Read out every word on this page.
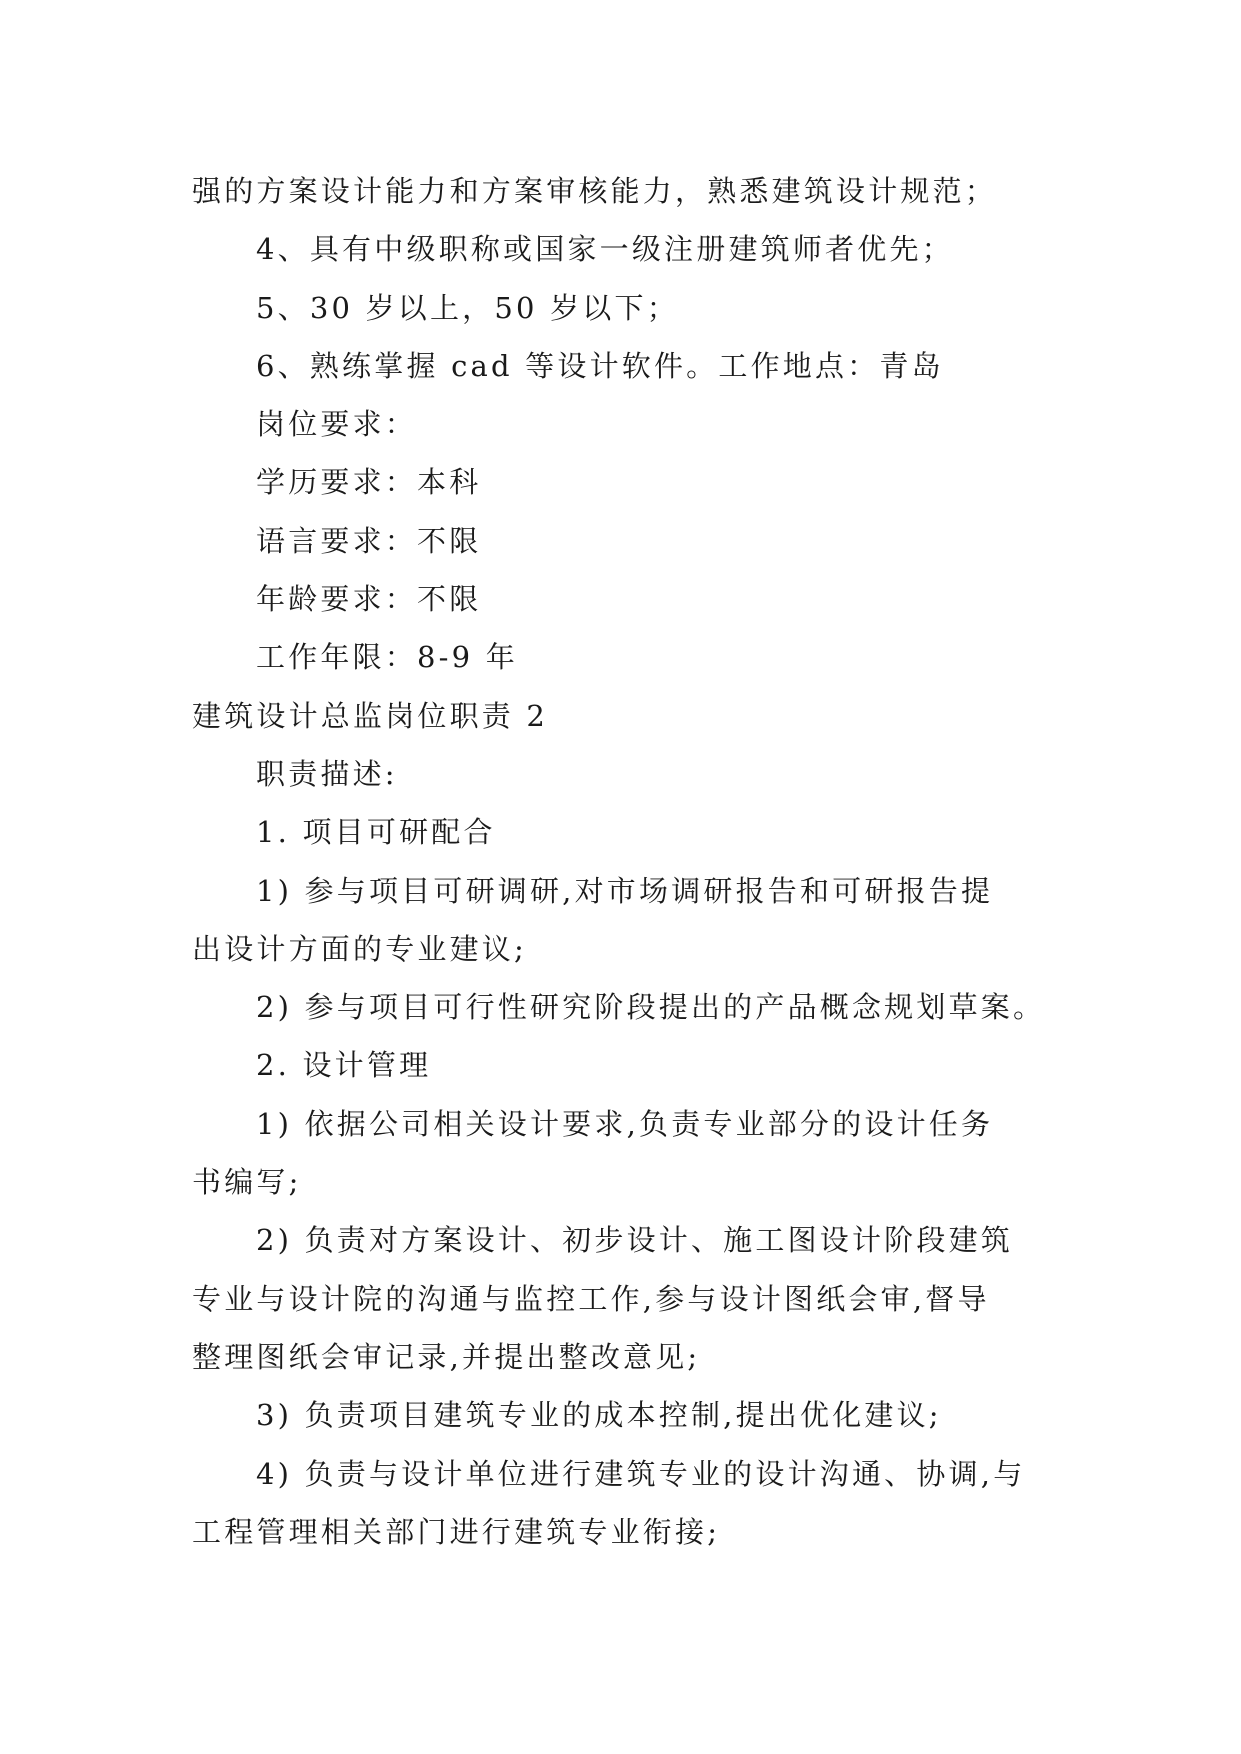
强的方案设计能力和方案审核能力，熟悉建筑设计规范；
4、具有中级职称或国家一级注册建筑师者优先；
5、30 岁以上，50 岁以下；
6、熟练掌握 cad 等设计软件。工作地点：青岛
岗位要求：
学历要求：本科
语言要求：不限
年龄要求：不限
工作年限：8-9 年
建筑设计总监岗位职责 2
职责描述:
1. 项目可研配合
1) 参与项目可研调研,对市场调研报告和可研报告提
出设计方面的专业建议;
2) 参与项目可行性研究阶段提出的产品概念规划草案。
2. 设计管理
1) 依据公司相关设计要求,负责专业部分的设计任务
书编写;
2) 负责对方案设计、初步设计、施工图设计阶段建筑
专业与设计院的沟通与监控工作,参与设计图纸会审,督导
整理图纸会审记录,并提出整改意见;
3) 负责项目建筑专业的成本控制,提出优化建议;
4) 负责与设计单位进行建筑专业的设计沟通、协调,与
工程管理相关部门进行建筑专业衔接;
